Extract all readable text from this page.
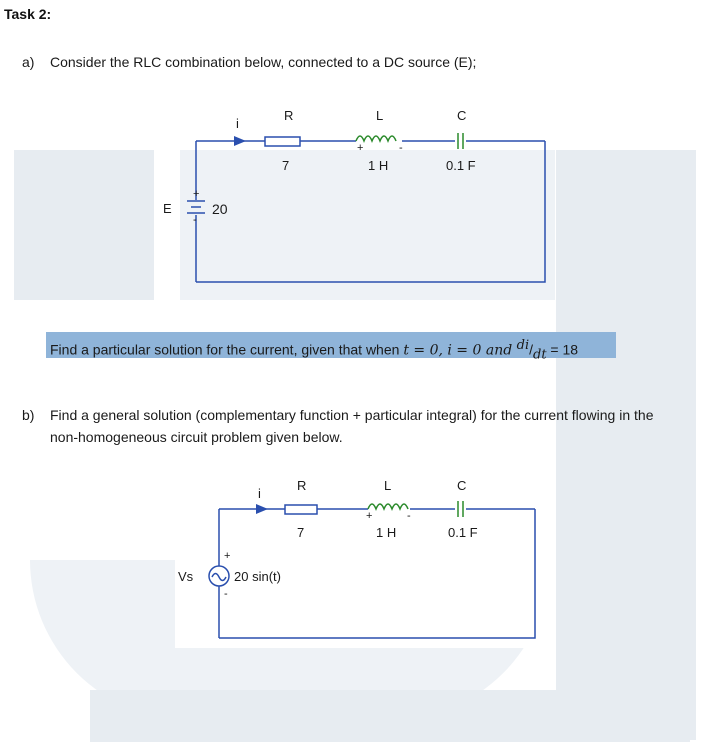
Task 2:
a) Consider the RLC combination below, connected to a DC source (E);
i
R
7
L
+	-
1 H
C
0.1 F
E
+
-
20
Find a particular solution for the current, given that when t = 0, i = 0 and $^{di}/_{dt} = 18$
b) Find a general solution (complementary function + particular integral) for the current flowing in the
non-homogeneous circuit problem given below.
i
R
7
L
+	-
1 H
C
0.1 F
Vs
+
-
20 sin(t)
